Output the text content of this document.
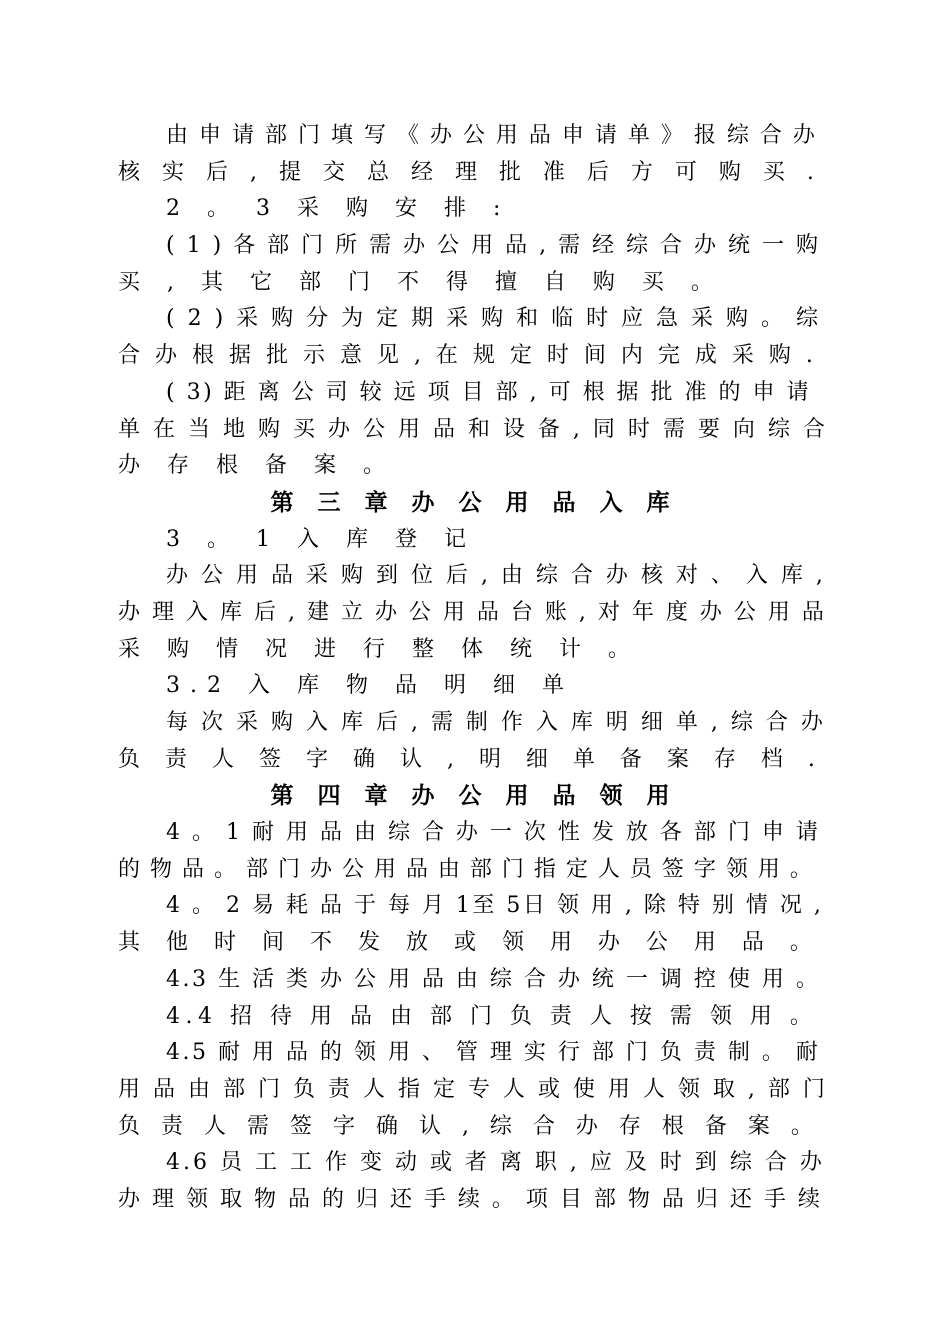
由 申 请 部 门 填 写 《 办 公 用 品 申 请 单 》 报 综 合 办
核 实 后 , 提 交 总 经 理 批 准 后 方 可 购 买 .
2 。 3 采 购 安 排 :
( 1 ) 各 部 门 所 需 办 公 用 品 , 需 经 综 合 办 统 一 购
买 , 其 它 部 门 不 得 擅 自 购 买 。
( 2 ) 采 购 分 为 定 期 采 购 和 临 时 应 急 采 购 。 综
合 办 根 据 批 示 意 见 , 在 规 定 时 间 内 完 成 采 购 .
( 3) 距 离 公 司 较 远 项 目 部 , 可 根 据 批 准 的 申 请
单 在 当 地 购 买 办 公 用 品 和 设 备 , 同 时 需 要 向 综 合
办 存 根 备 案 。
第 三 章 办 公 用 品 入 库
3 。 1 入 库 登 记
办 公 用 品 采 购 到 位 后 , 由 综 合 办 核 对 、 入 库 ,
办 理 入 库 后 , 建 立 办 公 用 品 台 账 , 对 年 度 办 公 用 品
采 购 情 况 进 行 整 体 统 计 。
3.2 入 库 物 品 明 细 单
每 次 采 购 入 库 后 , 需 制 作 入 库 明 细 单 , 综 合 办
负 责 人 签 字 确 认 , 明 细 单 备 案 存 档 .
第 四 章 办 公 用 品 领 用
4 。 1 耐 用 品 由 综 合 办 一 次 性 发 放 各 部 门 申 请
的 物 品 。 部 门 办 公 用 品 由 部 门 指 定 人 员 签 字 领 用 。
4 。 2 易 耗 品 于 每 月 1至 5日 领 用 , 除 特 别 情 况 ,
其 他 时 间 不 发 放 或 领 用 办 公 用 品 。
4.3 生 活 类 办 公 用 品 由 综 合 办 统 一 调 控 使 用 。
4.4 招 待 用 品 由 部 门 负 责 人 按 需 领 用 。
4.5 耐 用 品 的 领 用 、 管 理 实 行 部 门 负 责 制 。 耐
用 品 由 部 门 负 责 人 指 定 专 人 或 使 用 人 领 取 , 部 门
负 责 人 需 签 字 确 认 , 综 合 办 存 根 备 案 。
4.6 员 工 工 作 变 动 或 者 离 职 , 应 及 时 到 综 合 办
办 理 领 取 物 品 的 归 还 手 续 。 项 目 部 物 品 归 还 手 续
